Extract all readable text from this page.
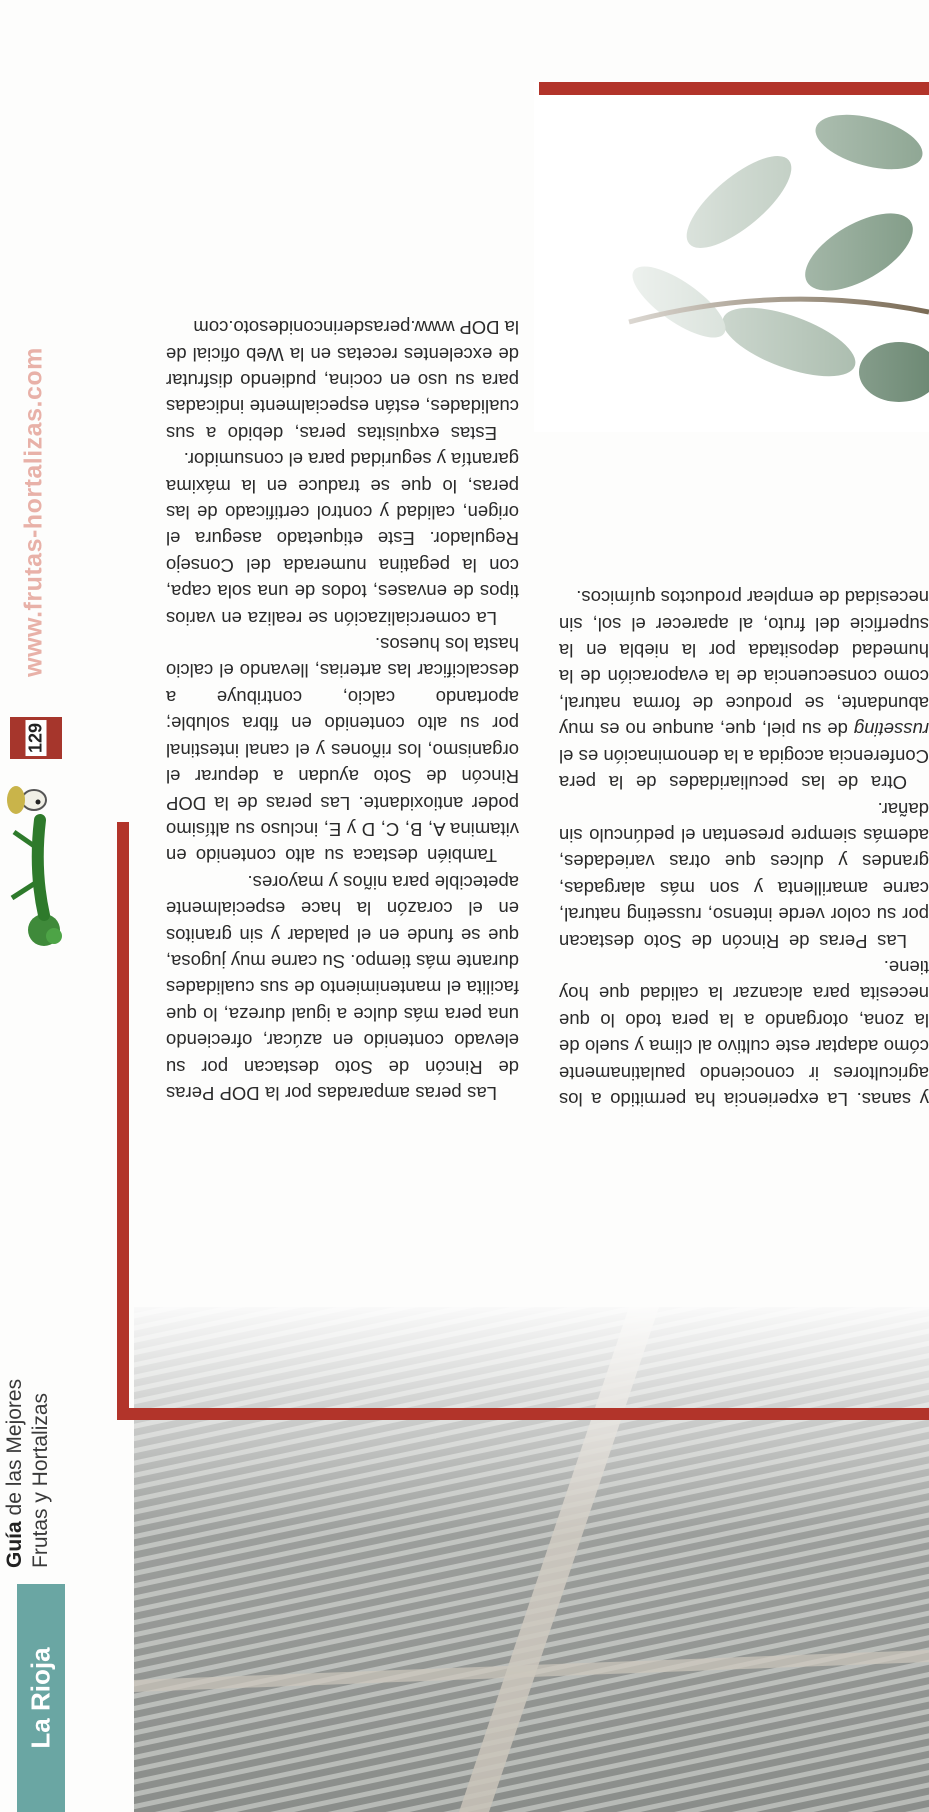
La Rioja
Guía de las Mejores Frutas y Hortalizas
129
www.frutas-hortalizas.com

Las peras amparadas por la DOP Peras de Rincón de Soto destacan por su elevado contenido en azúcar, ofreciendo una pera más dulce a igual dureza, lo que facilita el mantenimiento de sus cualidades durante más tiempo. Su carne muy jugosa, que se funde en el paladar y sin granitos en el corazón la hace especialmente apetecible para niños y mayores.

También destaca su alto contenido en vitamina A, B, C, D y E, incluso su altísimo poder antioxidante. Las peras de la DOP Rincón de Soto ayudan a depurar el organismo, los riñones y el canal intestinal por su alto contenido en fibra soluble; aportando calcio, contribuye a descalcificar las arterias, llevando el calcio hasta los huesos.

La comercialización se realiza en varios tipos de envases, todos de una sola capa, con la pegatina numerada del Consejo Regulador. Este etiquetado asegura el origen, calidad y control certificado de las peras, lo que se traduce en la máxima garantía y seguridad para el consumidor.

Estas exquisitas peras, debido a sus cualidades, están especialmente indicadas para su uso en cocina, pudiendo disfrutar de excelentes recetas en la Web oficial de la DOP www.perasderinconidesoto.com

y sanas. La experiencia ha permitido a los agricultores ir conociendo paulatinamente cómo adaptar este cultivo al clima y suelo de la zona, otorgando a la pera todo lo que necesita para alcanzar la calidad que hoy tiene.

Las Peras de Rincón de Soto destacan por su color verde intenso, russeting natural, carne amarillenta y son más alargadas, grandes y dulces que otras variedades, además siempre presentan el pedúnculo sin dañar.

Otra de las peculiaridades de la pera Conferencia acogida a la denominación es el russeting de su piel, que, aunque no es muy abundante, se produce de forma natural, como consecuencia de la evaporación de la humedad depositada por la niebla en la superficie del fruto, al aparecer el sol, sin necesidad de emplear productos químicos.
